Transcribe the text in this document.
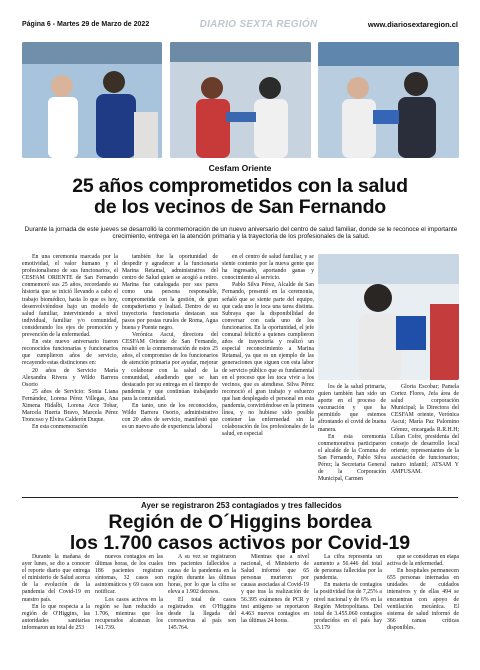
Página 6 - Martes 29 de Marzo de 2022	DIARIO SEXTA REGIÓN	www.diariosextaregion.cl
Cesfam Oriente
25 años comprometidos con la salud
de los vecinos de San Fernando
Durante la jornada de este jueves se desarrolló la conmemoración de un nuevo aniversario del centro de salud familiar, donde se le reconoce el importante crecimiento, entrega en la atención primaria y la trayectoria de los profesionales de la salud.

En una ceremonia marcada por la emotividad, el valor humano y el profesionalismo de sus funcionarios, el CESFAM ORIENTE de San Fernando conmemoró sus 25 años, recordando su historia que se inició llevando a cabo el trabajo biomédico, hasta lo que es hoy, desenvolviéndose bajo un modelo de salud familiar, interviniendo a nivel individual, familiar y/o comunidad, considerando los ejes de promoción y prevención de la enfermedad.

En este nuevo aniversario fueron reconocidos funcionarias y funcionarios que cumplieron años de servicio, recayendo estas distinciones en:

20 años de Servicio María Alexandra Rivera y Wildo Barrera Osorio

25 años de Servicio: Sonia Liana Fernández, Lorena Pérez Villegas, Ana Ximena Hidalbi, Lorena Arce Tobar, Marcela Huerta Bravo, Marcela Pérez Troncoso y Elvira Calderón Duque.

En esta conmemoración

también fue la oportunidad de despedir y agradecer a la funcionaria Marina Retamal, administrativa del centro de Salud quien se acogió a retiro. Marina fue catalogada por sus pares como una persona responsable, comprometida con la gestión, de gran compañerismo y lealtad. Dentro de su trayectoria funcionaria destacan sus pasos por postas rurales de Roma, Agua buena y Puente negro.

Verónica Ascui, directora del CESFAM Oriente de San Fernando, resaltó en la conmemoración de estos 25 años, el compromiso de los funcionarios de atención primaria por ayudar, mejorar y colaborar con la salud de la comunidad, añadiendo que se han destacado por su entrega en el tiempo de pandemia y que continúan trabajando para la comunidad.

En tanto, uno de los reconocidos, Wildo Barrera Osorio, administrativo con 20 años de servicio, manifestó que es un nuevo año de experiencia laboral

en el centro de salud familiar, y se siente contento por la nueva gente que ha ingresado, aportando ganas y conocimiento al servicio.

Pablo Silva Pérez, Alcalde de San Fernando, presentó en la ceremonia, señaló que se siente parte del equipo, que cada uno le toca una tarea distinta. Subraya que la disponibilidad de conversar con cada uno de los funcionarios. En la oportunidad, el jefe comunal felicitó a quienes cumplieron años de trayectoria y realizó un especial reconocimiento a Marina Retamal, ya que es un ejemplo de las generaciones que siguen con esta labor de servicio público que es fundamental en el proceso que les toca vivir a los vecinos, que es atendiese. Silva Pérez reconoció el gran trabajo y esfuerzo que han desplegado el personal en esta pandemia, convirtiéndose en la primera línea, y no hubiese sido posible contener las enfermedad sin la colaboración de los profesionales de la salud, en especial

los de la salud primaria, quien también han sido un aporte en el proceso de vacunación y que ha permitido que estemos afrontando el covid de buena manera.

En esta ceremonia conmemorativa participaron el alcalde de la Comuna de San Fernando, Pablo Silva Pérez; la Secretaria General de la Corporación Municipal, Carmen

Gloria Escobar; Pamela Cortez Flores, Jefa área de salud corporación Municipal; la Directora del CESFAM oriente, Verónica Ascui; María Paz Palomino Gómez, encargada R.R.H.H; Lilian Cofre, presidenta del consejo de desarrollo local oriente; representantes de la asociación de funcionarios; naturo infantil; ATSAM Y AMFUSAM.

Ayer se registraron 253 contagiados y tres fallecidos
Región de O´Higgins bordea
los 1.700 casos activos por Covid-19

Durante la mañana de ayer lunes, se dio a conocer el reporte diario que entrega el ministerio de Salud acerca de la evolución de la pandemia del Covid-19 en nuestro país.

En lo que respecta a la región de O'Higgins, las autoridades sanitarias informaron un total de 253

nuevos contagios en las últimas horas, de los cuales 186 pacientes registran síntomas, 32 casos son asintomáticos y 69 casos son notificar.

Los casos activos en la región se han reducido a 1.706, mientras que los recuperados alcanzan los 141.739.

A su vez se registraron tres pacientes fallecidos a causa de la pandemia en la región durante las últimas horas, por lo que la cifra se eleva a 1.902 decesos.

El total de casos registrados en O'Higgins desde la llegada del coronavirus al país son 145.764.

Mientras que a nivel nacional, el Ministerio de Salud informó que 65 personas murieron por causas asociadas al Covid-19 y que tras la realización de 56.395 exámenes de PCR y test antígeno se reportaron 4.463 nuevos contagios en las últimas 24 horas.

La cifra representa un aumento a 56.446 del total de personas fallecidas por la pandemia.

En materia de contagios la positividad fue de 7,25% a nivel nacional y de 6% en la Región Metropolitana. Del total de 3.455.060 contagios producidos en el país hay 33.179

que se consideran en etapa activa de la enfermedad.

En hospitales permanecen 655 personas internadas en unidades de cuidados intensivos y de ellas 494 se encuentran con apoyo de ventilación mecánica. El sistema de salud informó de 366 camas críticas disponibles.
